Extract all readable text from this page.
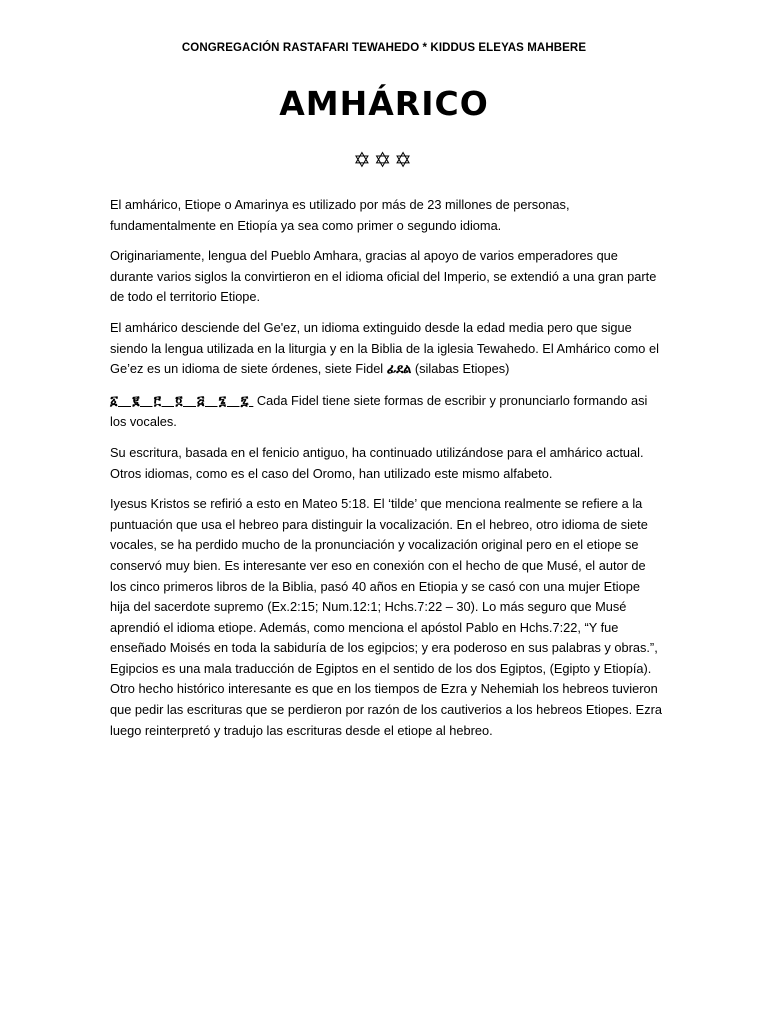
CONGREGACIÓN RASTAFARI TEWAHEDO * KIDDUS ELEYAS MAHBERE
AMHÁRICO
✡✡✡

El amhárico, Etiope o Amarinya es utilizado por más de 23 millones de personas, fundamentalmente en Etiopía ya sea como primer o segundo idioma.

Originariamente, lengua del Pueblo Amhara, gracias al apoyo de varios emperadores que durante varios siglos la convirtieron en el idioma oficial del Imperio, se extendió a una gran parte de todo el territorio Etiope.

El amhárico desciende del Ge'ez, un idioma extinguido desde la edad media pero que sigue siendo la lengua utilizada en la liturgia y en la Biblia de la iglesia Tewahedo. El Amhárico como el Ge’ez es un idioma de siete órdenes, siete Fidel ፊደል (silabas Etiopes)

፩ ፪ ፫ ፬ ፭ ፮ ፯ Cada Fidel tiene siete formas de escribir y pronunciarlo formando asi los vocales.

Su escritura, basada en el fenicio antiguo, ha continuado utilizándose para el amhárico actual. Otros idiomas, como es el caso del Oromo, han utilizado este mismo alfabeto.

Iyesus Kristos se refirió a esto en Mateo 5:18. El ‘tilde’ que menciona realmente se refiere a la puntuación que usa el hebreo para distinguir la vocalización. En el hebreo, otro idioma de siete vocales, se ha perdido mucho de la pronunciación y vocalización original pero en el etiope se conservó muy bien. Es interesante ver eso en conexión con el hecho de que Musé, el autor de los cinco primeros libros de la Biblia, pasó 40 años en Etiopia y se casó con una mujer Etiope hija del sacerdote supremo (Ex.2:15; Num.12:1; Hchs.7:22 – 30). Lo más seguro que Musé aprendió el idioma etiope. Además, como menciona el apóstol Pablo en Hchs.7:22, “Y fue enseñado Moisés en toda la sabiduría de los egipcios; y era poderoso en sus palabras y obras.”, Egipcios es una mala traducción de Egiptos en el sentido de los dos Egiptos, (Egipto y Etiopía). Otro hecho histórico interesante es que en los tiempos de Ezra y Nehemiah los hebreos tuvieron que pedir las escrituras que se perdieron por razón de los cautiverios a los hebreos Etiopes. Ezra luego reinterpretó y tradujo las escrituras desde el etiope al hebreo.
